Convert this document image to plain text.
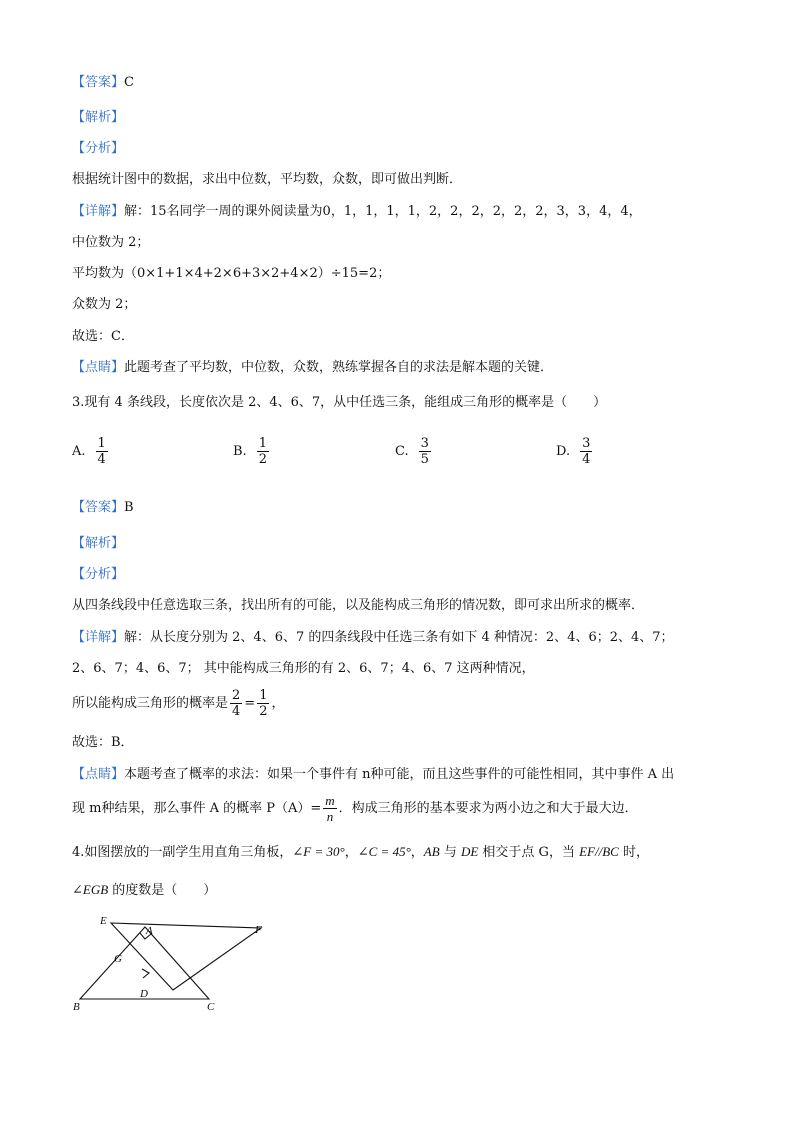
【答案】C
【解析】
【分析】
根据统计图中的数据，求出中位数，平均数，众数，即可做出判断．
【详解】解：15名同学一周的课外阅读量为0，1，1，1，1，2，2，2，2，2，2，3，3，4，4，
中位数为 2；
平均数为（0×1+1×4+2×6+3×2+4×2）÷15=2；
众数为 2；
故选：C．
【点睛】此题考查了平均数，中位数，众数，熟练掌握各自的求法是解本题的关键．
3.现有 4 条线段，长度依次是 2、4、6、7，从中任选三条，能组成三角形的概率是（　　）
A. $\frac{1}{4}$	B. $\frac{1}{2}$	C. $\frac{3}{5}$	D. $\frac{3}{4}$
【答案】B
【解析】
【分析】
从四条线段中任意选取三条，找出所有的可能，以及能构成三角形的情况数，即可求出所求的概率．
【详解】解：从长度分别为 2、4、6、7 的四条线段中任选三条有如下 4 种情况：2、4、6；2、4、7；
2、6、7；4、6、7； 其中能构成三角形的有 2、6、7；4、6、7 这两种情况，
所以能构成三角形的概率是 $\frac{2}{4} = \frac{1}{2}$ ，
故选：B．
【点睛】本题考查了概率的求法：如果一个事件有 n种可能，而且这些事件的可能性相同，其中事件 A 出
现 m种结果，那么事件 A 的概率 $P(A)= \frac{m}{n}$ ．构成三角形的基本要求为两小边之和大于最大边．
4.如图摆放的一副学生用直角三角板，∠F = 30°，∠C = 45°，AB 与 DE 相交于点 G，当 EF//BC 时，
∠EGB 的度数是（　　）
E
A	F
G
D
B	C
